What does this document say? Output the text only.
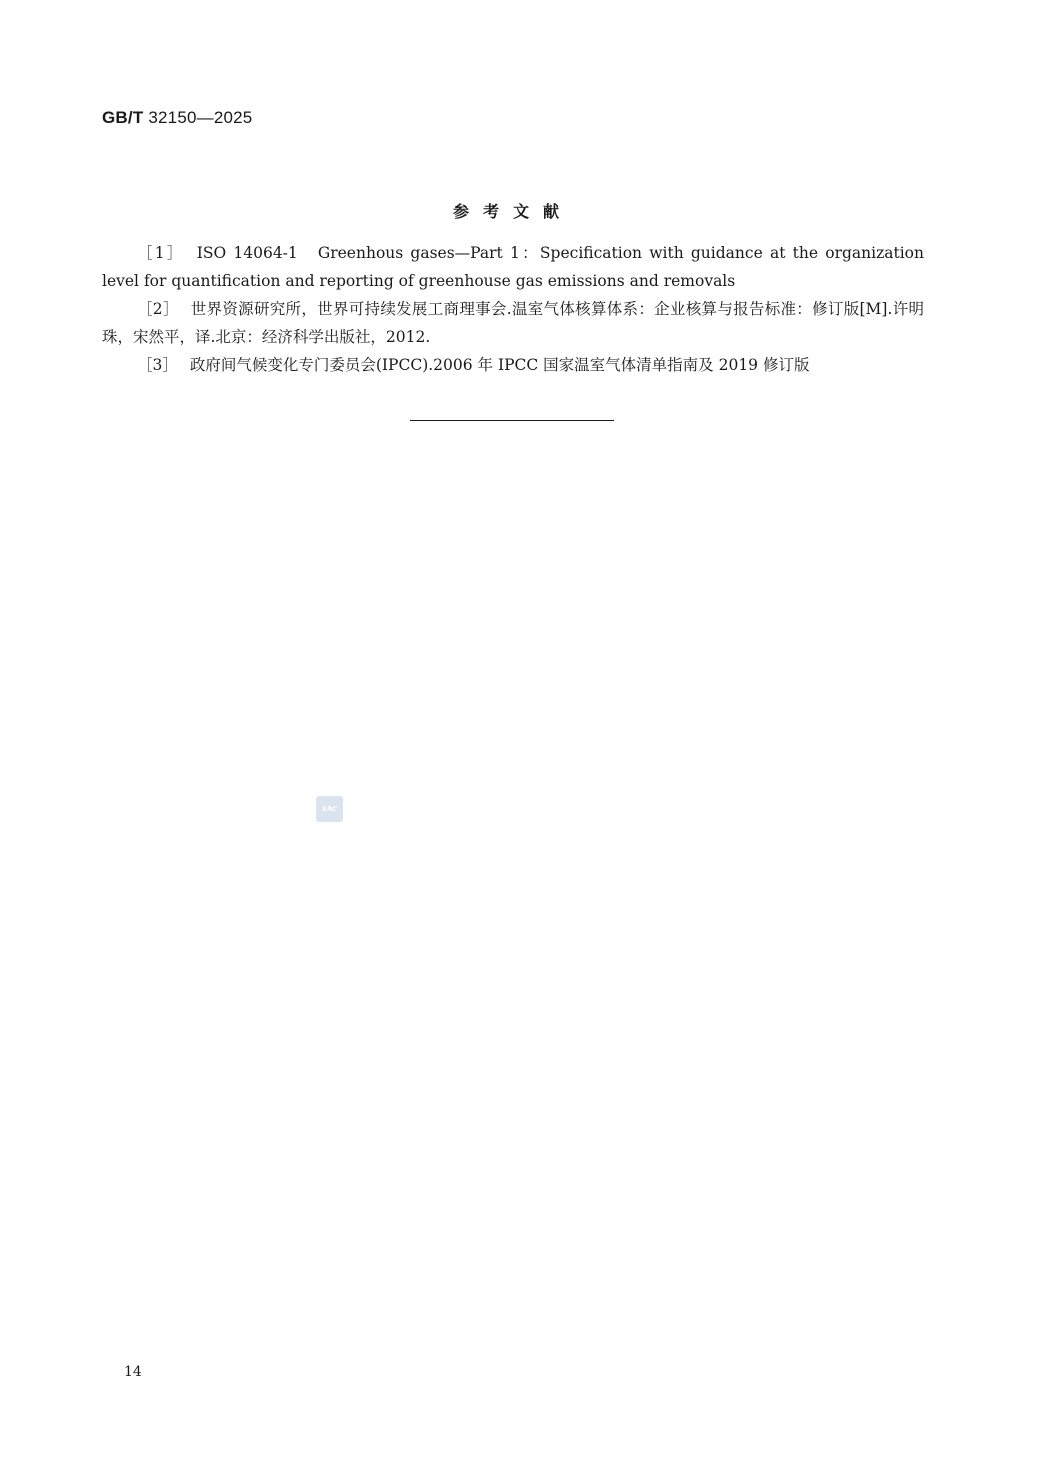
GB/T 32150—2025
参考文献

［1］ ISO 14064-1　Greenhous gases—Part 1：Specification with guidance at the organization level for quantification and reporting of greenhouse gas emissions and removals

［2］ 世界资源研究所，世界可持续发展工商理事会.温室气体核算体系：企业核算与报告标准：修订版[M].许明珠，宋然平，译.北京：经济科学出版社，2012.

［3］ 政府间气候变化专门委员会(IPCC).2006 年 IPCC 国家温室气体清单指南及 2019 修订版

SAC
14
